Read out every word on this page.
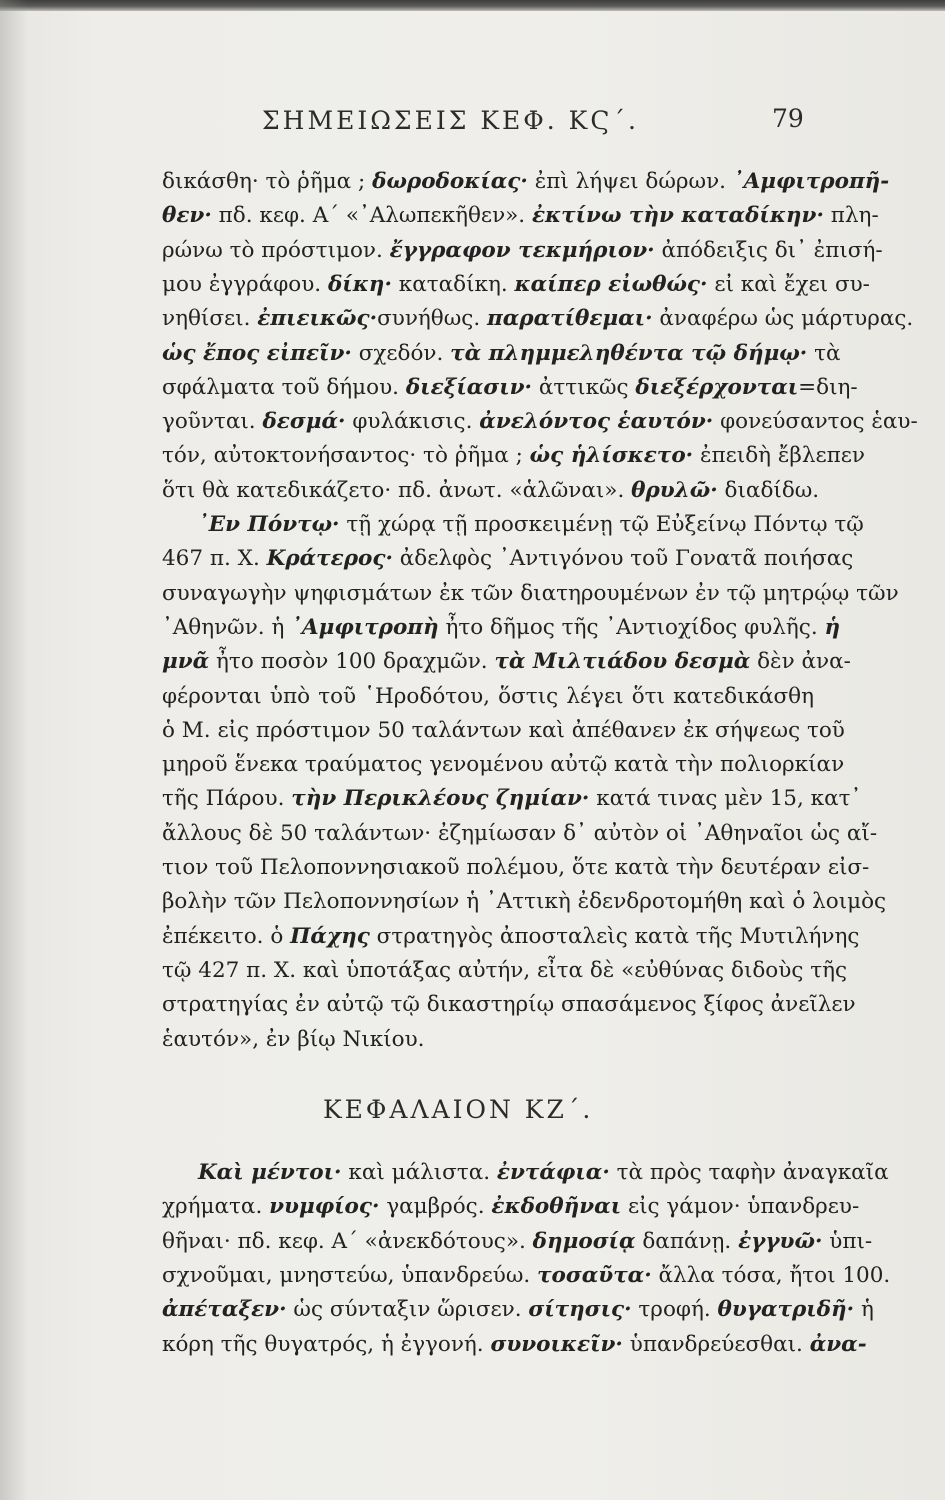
ΣΗΜΕΙΩΣΕΙΣ ΚΕΦ. ΚϚ΄.	79
δικάσθη· τὸ ῥῆμα ; δωροδοκίας· ἐπὶ λήψει δώρων. ᾿Αμφιτροπῆ-
θεν· πδ. κεφ. Α΄ «᾿Αλωπεκῆθεν». ἐκτίνω τὴν καταδίκην· πλη-
ρώνω τὸ πρόστιμον. ἔγγραφον τεκμήριον· ἀπόδειξις δι᾿ ἐπισή-
μου ἐγγράφου. δίκη· καταδίκη. καίπερ εἰωθώς· εἰ καὶ ἔχει συ-
νηθίσει. ἐπιεικῶς·συνήθως. παρατίθεμαι· ἀναφέρω ὡς μάρτυρας.
ὡς ἔπος εἰπεῖν· σχεδόν. τὰ πλημμεληθέντα τῷ δήμῳ· τὰ
σφάλματα τοῦ δήμου. διεξίασιν· ἀττικῶς διεξέρχονται=διη-
γοῦνται. δεσμά· φυλάκισις. ἀνελόντος ἑαυτόν· φονεύσαντος ἑαυ-
τόν, αὐτοκτονήσαντος· τὸ ῥῆμα ; ὡς ἡλίσκετο· ἐπειδὴ ἔβλεπεν
ὅτι θὰ κατεδικάζετο· πδ. ἀνωτ. «ἁλῶναι». θρυλῶ· διαδίδω.
᾿Εν Πόντῳ· τῇ χώρᾳ τῇ προσκειμένῃ τῷ Εὐξείνῳ Πόντῳ τῷ
467 π. Χ. Κράτερος· ἀδελφὸς ᾿Αντιγόνου τοῦ Γονατᾶ ποιήσας
συναγωγὴν ψηφισμάτων ἐκ τῶν διατηρουμένων ἐν τῷ μητρῴῳ τῶν
᾿Αθηνῶν. ἡ ᾿Αμφιτροπὴ ἦτο δῆμος τῆς ᾿Αντιοχίδος φυλῆς. ἡ
μνᾶ ἦτο ποσὸν 100 δραχμῶν. τὰ Μιλτιάδου δεσμὰ δὲν ἀνα-
φέρονται ὑπὸ τοῦ ῾Ηροδότου, ὅστις λέγει ὅτι κατεδικάσθη
ὁ Μ. εἰς πρόστιμον 50 ταλάντων καὶ ἀπέθανεν ἐκ σήψεως τοῦ
μηροῦ ἕνεκα τραύματος γενομένου αὐτῷ κατὰ τὴν πολιορκίαν
τῆς Πάρου. τὴν Περικλέους ζημίαν· κατά τινας μὲν 15, κατ᾿
ἄλλους δὲ 50 ταλάντων· ἐζημίωσαν δ᾿ αὐτὸν οἱ ᾿Αθηναῖοι ὡς αἴ-
τιον τοῦ Πελοποννησιακοῦ πολέμου, ὅτε κατὰ τὴν δευτέραν εἰσ-
βολὴν τῶν Πελοποννησίων ἡ ᾿Αττικὴ ἐδενδροτομήθη καὶ ὁ λοιμὸς
ἐπέκειτο. ὁ Πάχης στρατηγὸς ἀποσταλεὶς κατὰ τῆς Μυτιλήνης
τῷ 427 π. Χ. καὶ ὑποτάξας αὐτήν, εἶτα δὲ «εὐθύνας διδοὺς τῆς
στρατηγίας ἐν αὐτῷ τῷ δικαστηρίῳ σπασάμενος ξίφος ἀνεῖλεν
ἑαυτόν», ἐν βίῳ Νικίου.
ΚΕΦΑΛΑΙΟΝ ΚΖ΄.
Καὶ μέντοι· καὶ μάλιστα. ἐντάφια· τὰ πρὸς ταφὴν ἀναγκαῖα
χρήματα. νυμφίος· γαμβρός. ἐκδοθῆναι εἰς γάμον· ὑπανδρευ-
θῆναι· πδ. κεφ. Α΄ «ἀνεκδότους». δημοσίᾳ δαπάνῃ. ἐγγυῶ· ὑπι-
σχνοῦμαι, μνηστεύω, ὑπανδρεύω. τοσαῦτα· ἄλλα τόσα, ἤτοι 100.
ἀπέταξεν· ὡς σύνταξιν ὥρισεν. σίτησις· τροφή. θυγατριδῆ· ἡ
κόρη τῆς θυγατρός, ἡ ἐγγονή. συνοικεῖν· ὑπανδρεύεσθαι. ἀνα-
